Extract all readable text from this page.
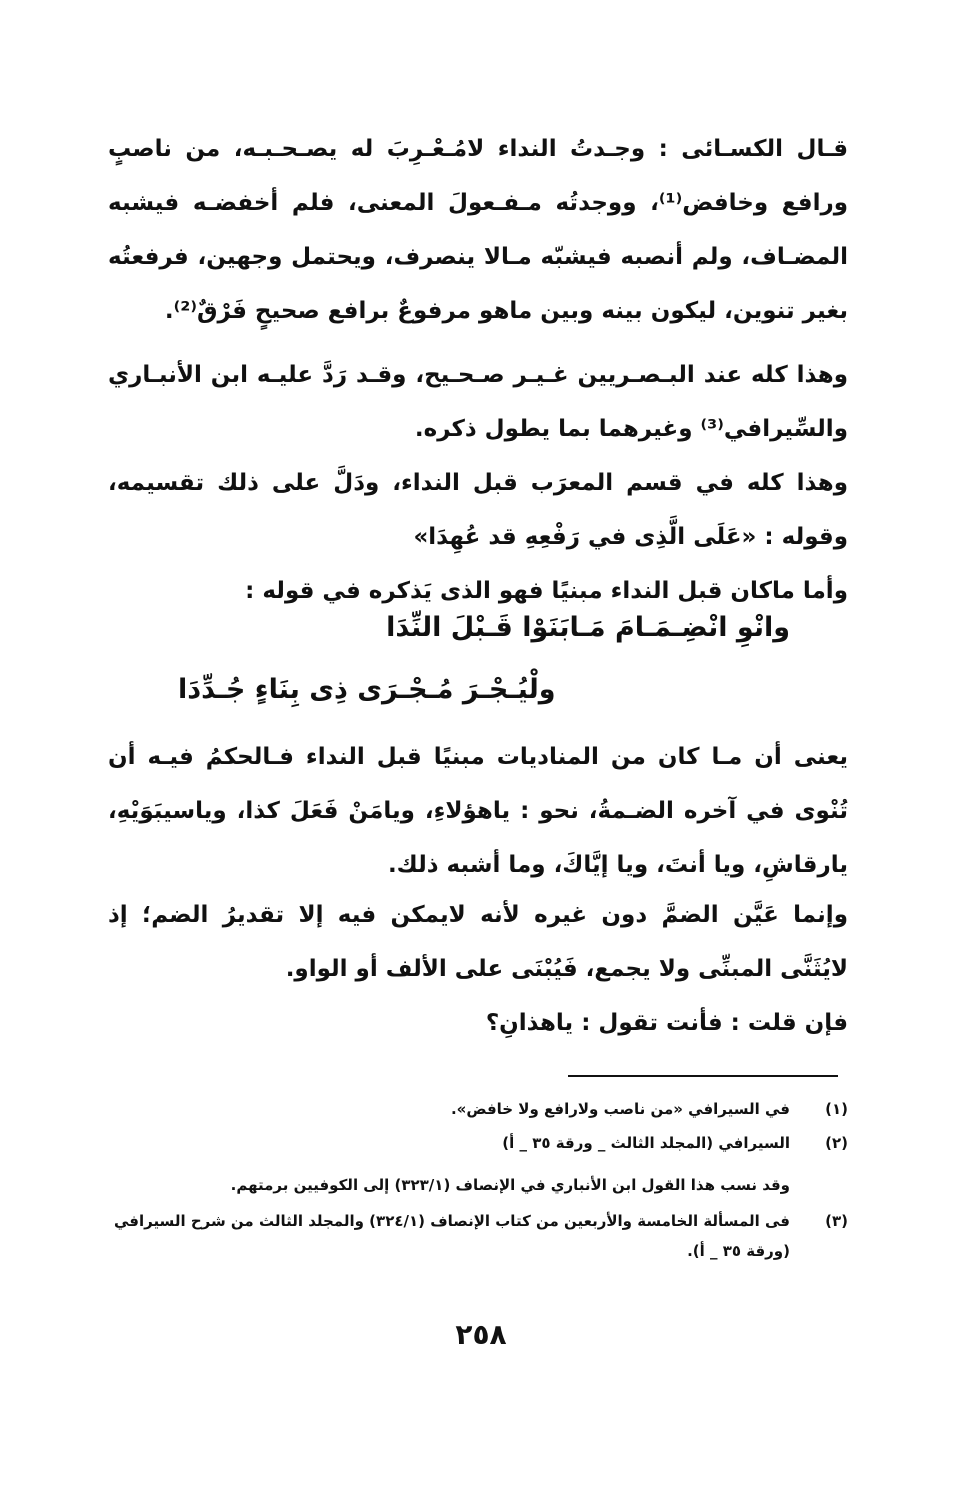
قـال الكسـائى : وجـدتُ النداء لامُـعْـرِبَ له يصـحـبـه، من ناصبٍ ورافع وخافض⁽¹⁾، ووجدتُه مـفـعولَ المعنى، فلم أخفضـه فيشبه المضـاف، ولم أنصبه فيشبّه مـالا ينصرف، ويحتمل وجهين، فرفعتُه بغير تنوين، ليكون بينه وبين ماهو مرفوعٌ برافع صحيحٍ فَرْقٌ⁽²⁾.
وهذا كله عند البـصـريين غـيـر صـحـيح، وقـد رَدَّ عليـه ابن الأنبـاري والسِّيرافي⁽³⁾ وغيرهما بما يطول ذكره.
وهذا كله في قسم المعرَب قبل النداء، ودَلَّ على ذلك تقسيمه، وقوله : «عَلَى الَّذِى في رَفْعِهِ قد عُهِدَا»
وأما ماكان قبل النداء مبنيًا فهو الذى يَذكره في قوله :
وانْوِ انْضِـمَـامَ مَـابَنَوْا قَـبْلَ النِّدَا
ولْيُـجْـرَ مُـجْـرَى ذِى بِنَاءٍ جُـدِّدَا
يعنى أن مـا كان من المناديات مبنيًا قبل النداء فـالحكمُ فيـه أن تُنْوى في آخره الضـمةُ، نحو : ياهؤلاءِ، ويامَنْ فَعَلَ كذا، وياسيبَوَيْهِ، يارقاشِ، ويا أنتَ، ويا إيَّاكَ، وما أشبه ذلك.
وإنما عَيَّن الضمَّ دون غيره لأنه لايمكن فيه إلا تقديرُ الضم؛ إذ لايُثَنَّى المبنِّى ولا يجمع، فَيُبْنَى على الألف أو الواو.
فإن قلت : فأنت تقول : ياهذانِ؟
(١)
في السيرافي «من ناصب ولارافع ولا خافض».
(٢)
السيرافي (المجلد الثالث _ ورقة ٣٥ _ أ)
وقد نسب هذا القول ابن الأنباري في الإنصاف (٣٢٣/١) إلى الكوفيين برمتهم.
(٣)
فى المسألة الخامسة والأربعين من كتاب الإنصاف (٣٢٤/١) والمجلد الثالث من شرح السيرافي (ورقة ٣٥ _ أ).
٢٥٨
